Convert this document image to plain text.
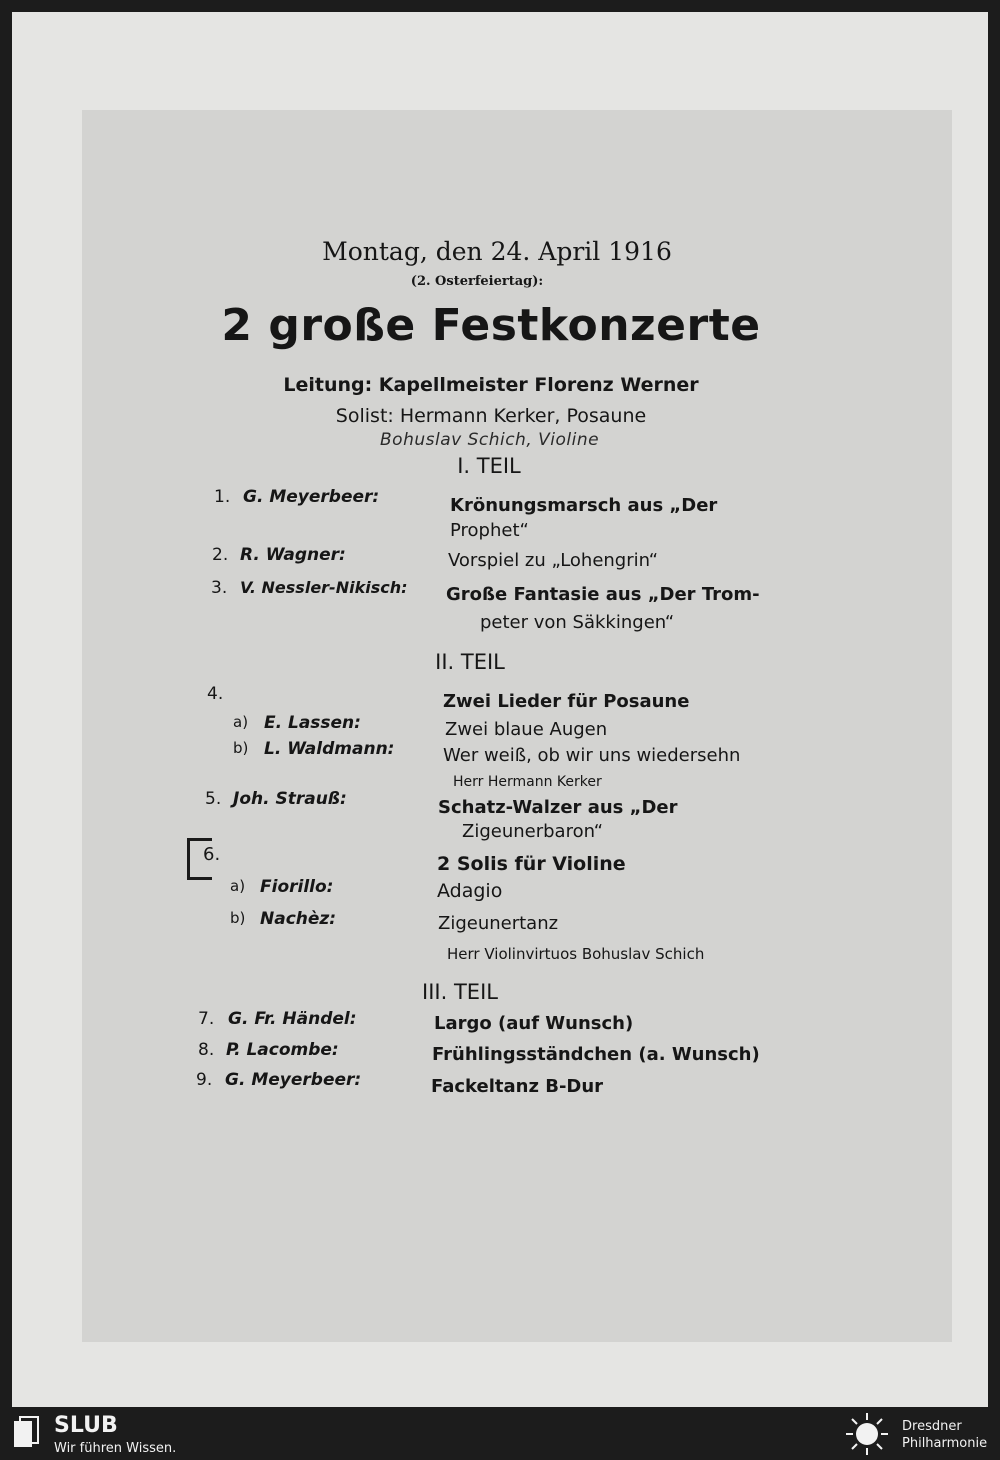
Montag, den 24. April 1916
(2. Osterfeiertag):
2 große Festkonzerte
Leitung: Kapellmeister Florenz Werner
Solist: Hermann Kerker, Posaune
Bohuslav Schich, Violine
I. TEIL
1. G. Meyerbeer:	Krönungsmarsch aus „Der
Prophet“
2. R. Wagner:	Vorspiel zu „Lohengrin“
3. V. Nessler-Nikisch: Große Fantasie aus „Der Trom-
peter von Säkkingen“
II. TEIL
4.	Zwei Lieder für Posaune
a) E. Lassen:	Zwei blaue Augen
b) L. Waldmann:	Wer weiß, ob wir uns wiedersehn
Herr Hermann Kerker
5. Joh. Strauß:	Schatz-Walzer aus „Der
Zigeunerbaron“
6.	2 Solis für Violine
a) Fiorillo:	Adagio
b) Nachèz:	Zigeunertanz
Herr Violinvirtuos Bohuslav Schich
III. TEIL
7. G. Fr. Händel:	Largo (auf Wunsch)
8. P. Lacombe:	Frühlingsständchen (a. Wunsch)
9. G. Meyerbeer:	Fackeltanz B-Dur
SLUB
Wir führen Wissen.
Dresdner
Philharmonie
